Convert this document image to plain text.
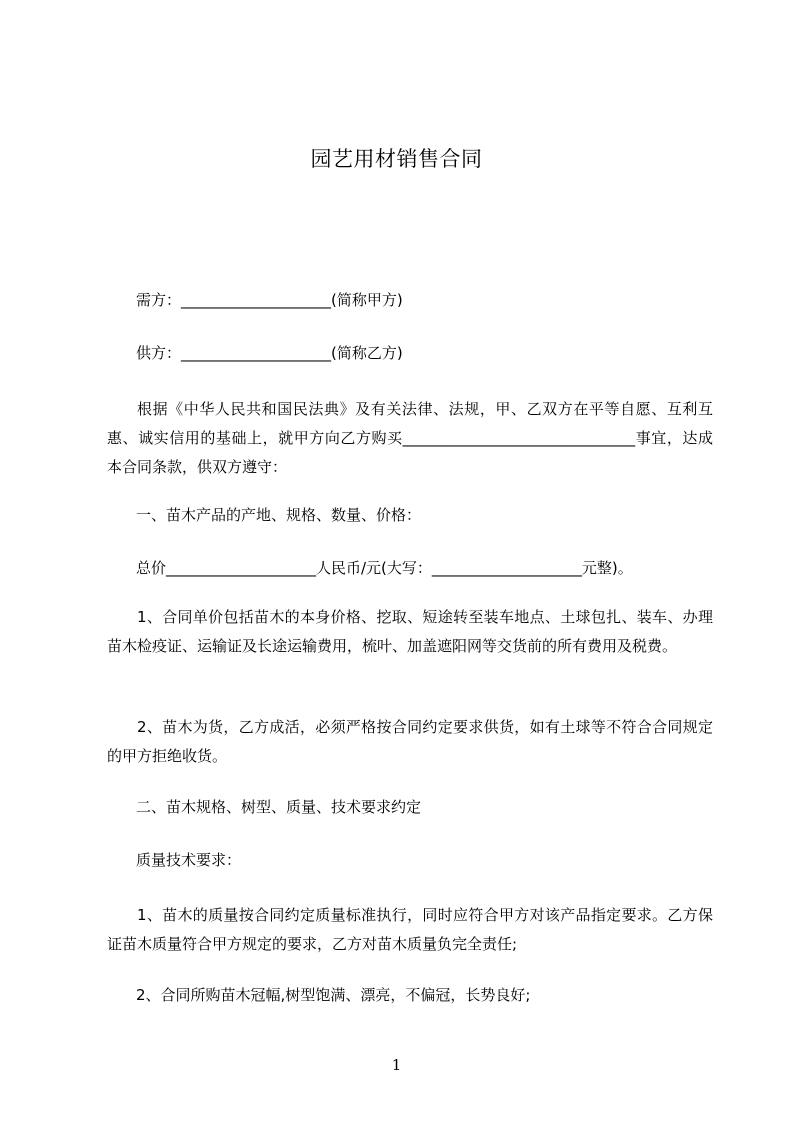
园艺用材销售合同

需方：____________________(简称甲方)

供方：____________________(简称乙方)

根据《中华人民共和国民法典》及有关法律、法规，甲、乙双方在平等自愿、互利互惠、诚实信用的基础上，就甲方向乙方购买_______________________________事宜，达成本合同条款，供双方遵守：

一、苗木产品的产地、规格、数量、价格：

总价____________________人民币/元(大写：____________________元整)。

1、合同单价包括苗木的本身价格、挖取、短途转至装车地点、土球包扎、装车、办理苗木检疫证、运输证及长途运输费用，梳叶、加盖遮阳网等交货前的所有费用及税费。

2、苗木为货，乙方成活，必须严格按合同约定要求供货，如有土球等不符合合同规定的甲方拒绝收货。

二、苗木规格、树型、质量、技术要求约定

质量技术要求：

1、苗木的质量按合同约定质量标准执行，同时应符合甲方对该产品指定要求。乙方保证苗木质量符合甲方规定的要求，乙方对苗木质量负完全责任;

2、合同所购苗木冠幅,树型饱满、漂亮，不偏冠，长势良好;

1
